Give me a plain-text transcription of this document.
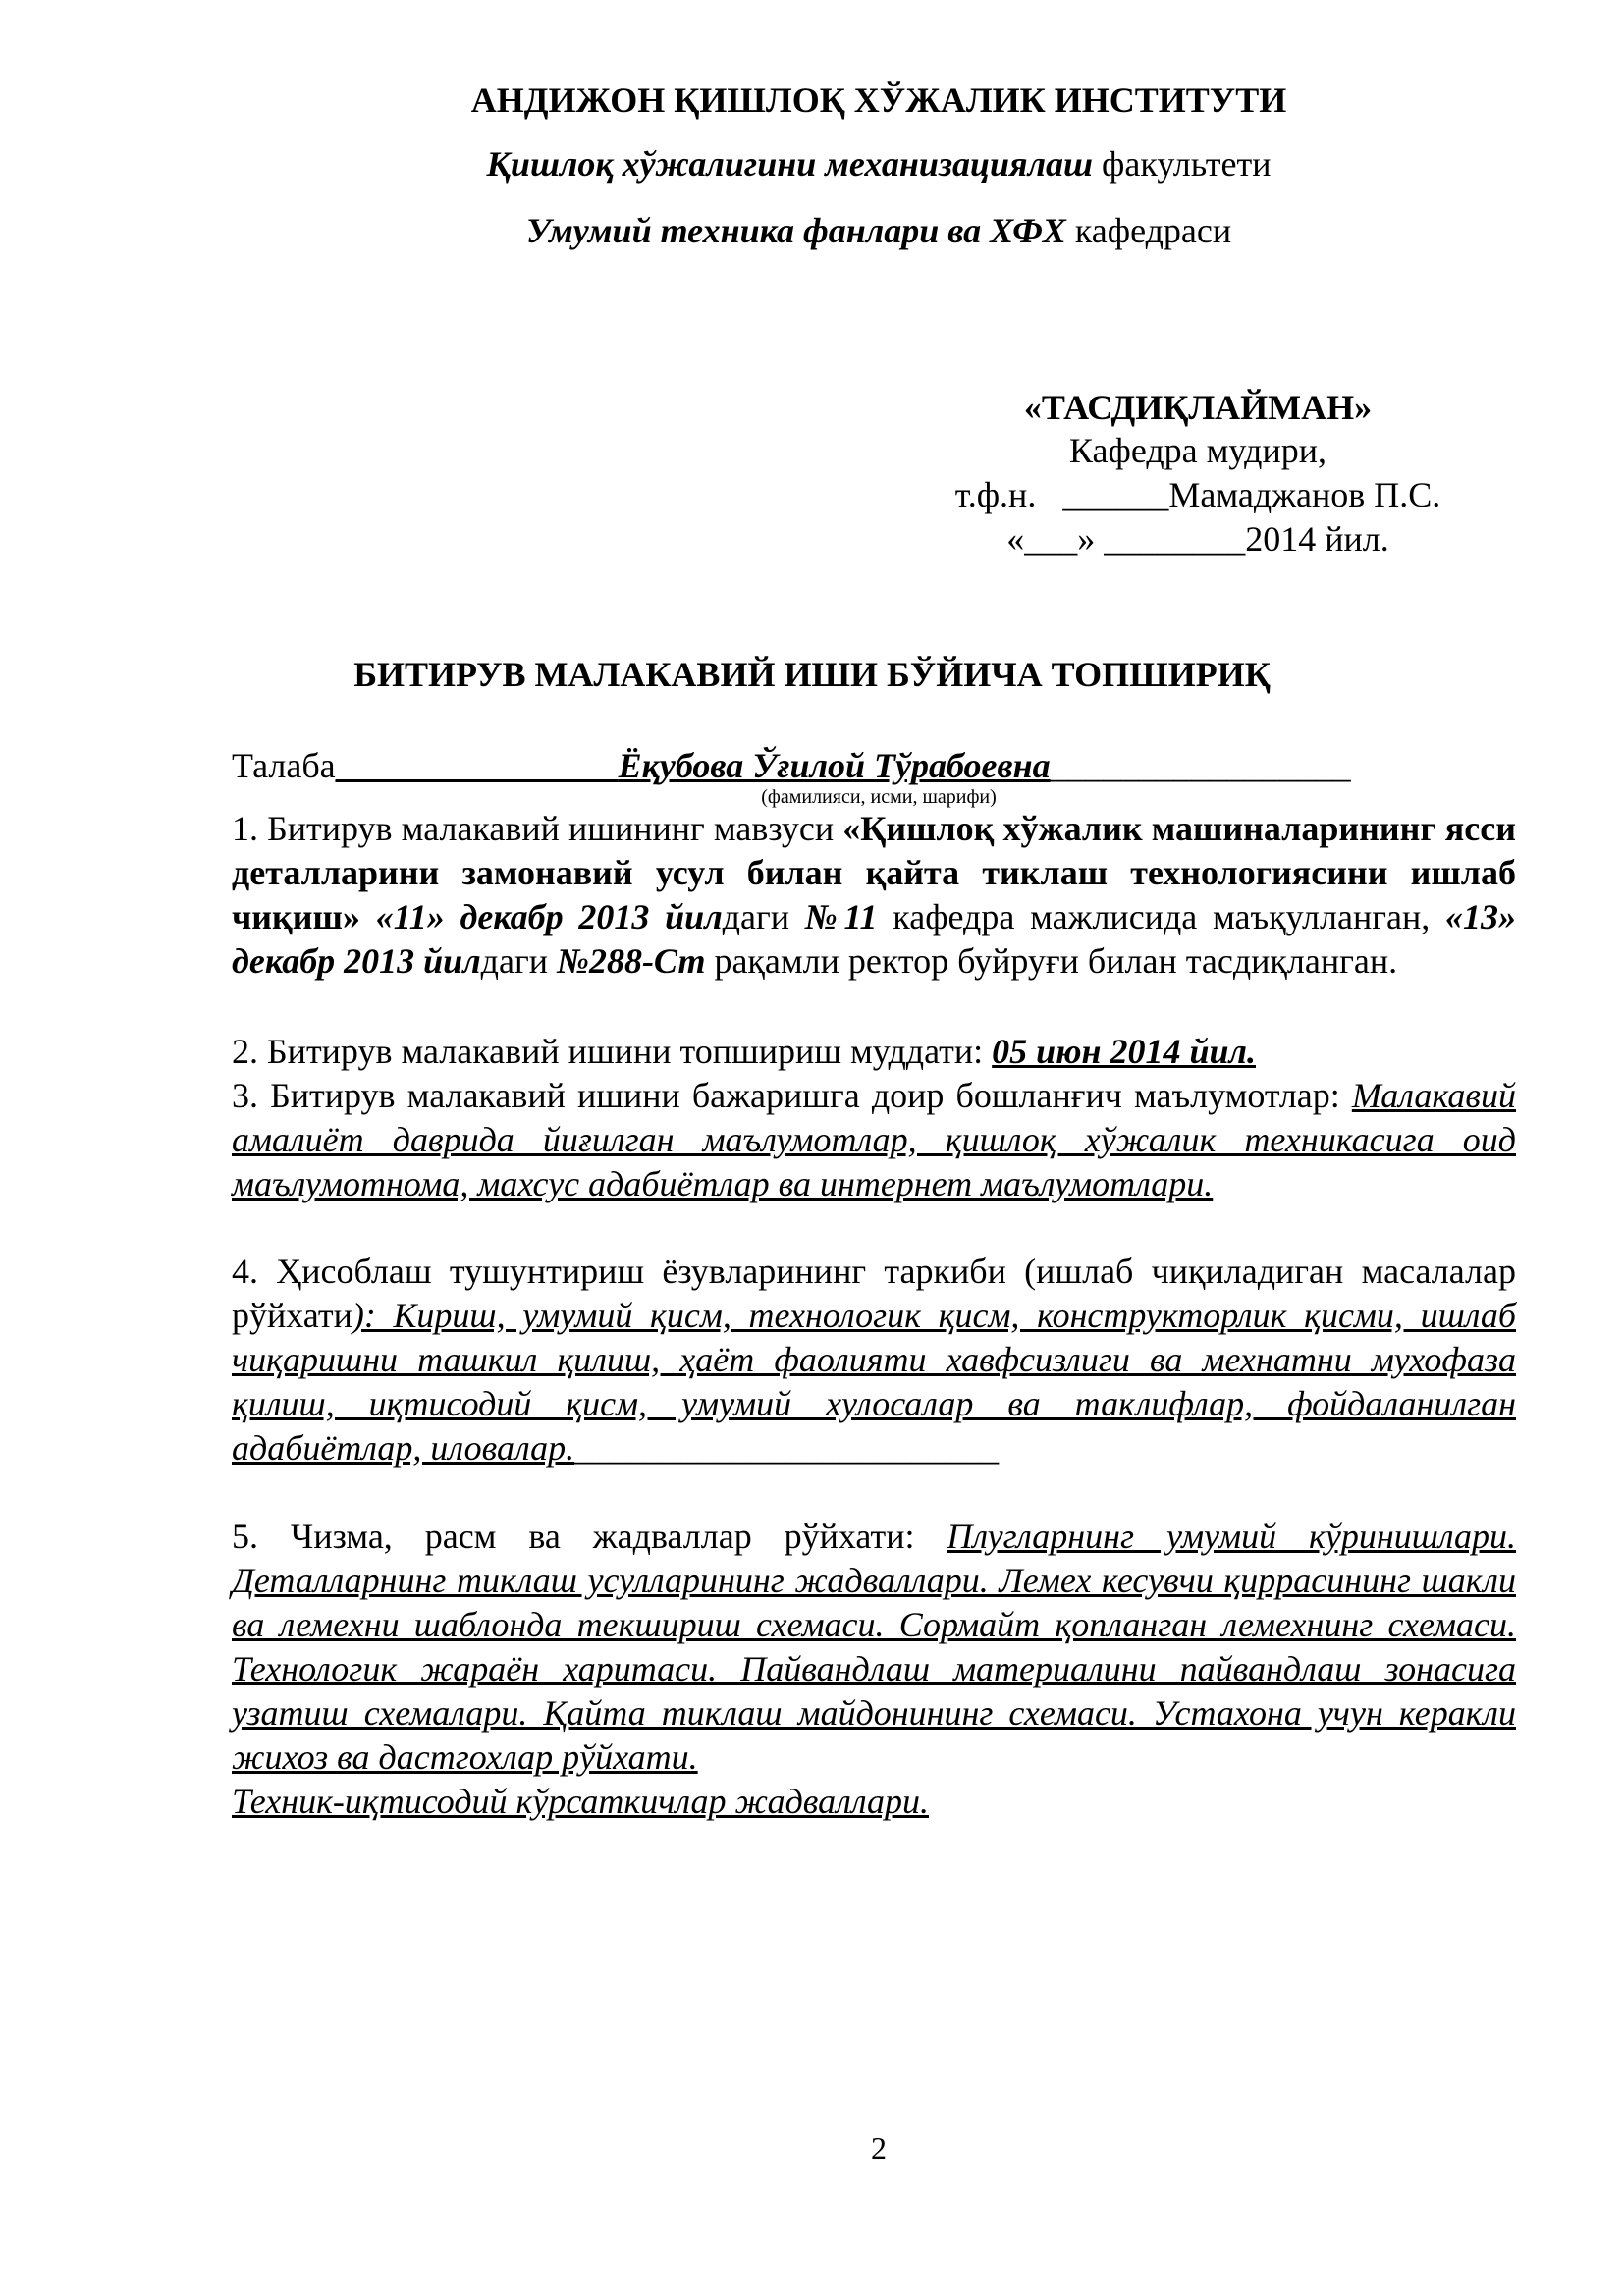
АНДИЖОН ҚИШЛОҚ ХЎЖАЛИК ИНСТИТУТИ
Қишлоқ хўжалигини механизациялаш факультети
Умумий техника фанлари ва ХФХ кафедраси
«ТАСДИҚЛАЙМАН»
Кафедра мудири,
т.ф.н. ______Мамаджанов П.С.
«___» ________2014 йил.
БИТИРУВ МАЛАКАВИЙ ИШИ БЎЙИЧА ТОПШИРИҚ
Талаба______________    Ёқубова Ўғилой Тўрабоевна_________________
(фамилияси, исми, шарифи)
1. Битирув малакавий ишининг мавзуси «Қишлоқ хўжалик машиналарининг ясси деталларини замонавий усул билан қайта тиклаш технологиясини ишлаб чиқиш» «11» декабр 2013 йилдаги №11 кафедра мажлисида маъқулланган, «13» декабр 2013 йилдаги №288-Ст рақамли ректор буйруғи билан тасдиқланган.
2. Битирув малакавий ишини топшириш муддати: 05 июн 2014 йил.
3. Битирув малакавий ишини бажаришга доир бошланғич маълумотлар: Малакавий амалиёт даврида йиғилган маълумотлар, қишлоқ хўжалик техникасига оид маълумотнома, махсус адабиётлар ва интернет маълумотлари.
4. Ҳисоблаш тушунтириш ёзувларининг таркиби (ишлаб чиқиладиган масалалар рўйхати): Кириш, умумий қисм, технологик қисм, конструкторлик қисми, ишлаб чиқаришни ташкил қилиш, ҳаёт фаолияти хавфсизлиги ва мехнатни мухофаза қилиш, иқтисодий қисм, умумий хулосалар ва таклифлар, фойдаланилган адабиётлар, иловалар.________________________
5. Чизма, расм ва жадваллар рўйхати: Плугларнинг умумий кўринишлари. Деталларнинг тиклаш усулларининг жадваллари. Лемех кесувчи қиррасининг шакли ва лемехни шаблонда текшириш схемаси. Сормайт қопланган лемехнинг схемаси. Технологик жараён харитаси. Пайвандлаш материалини пайвандлаш зонасига узатиш схемалари. Қайта тиклаш майдонининг схемаси. Устахона учун керакли жихоз ва дастгохлар рўйхати.
Техник-иқтисодий кўрсаткичлар жадваллари.
2
